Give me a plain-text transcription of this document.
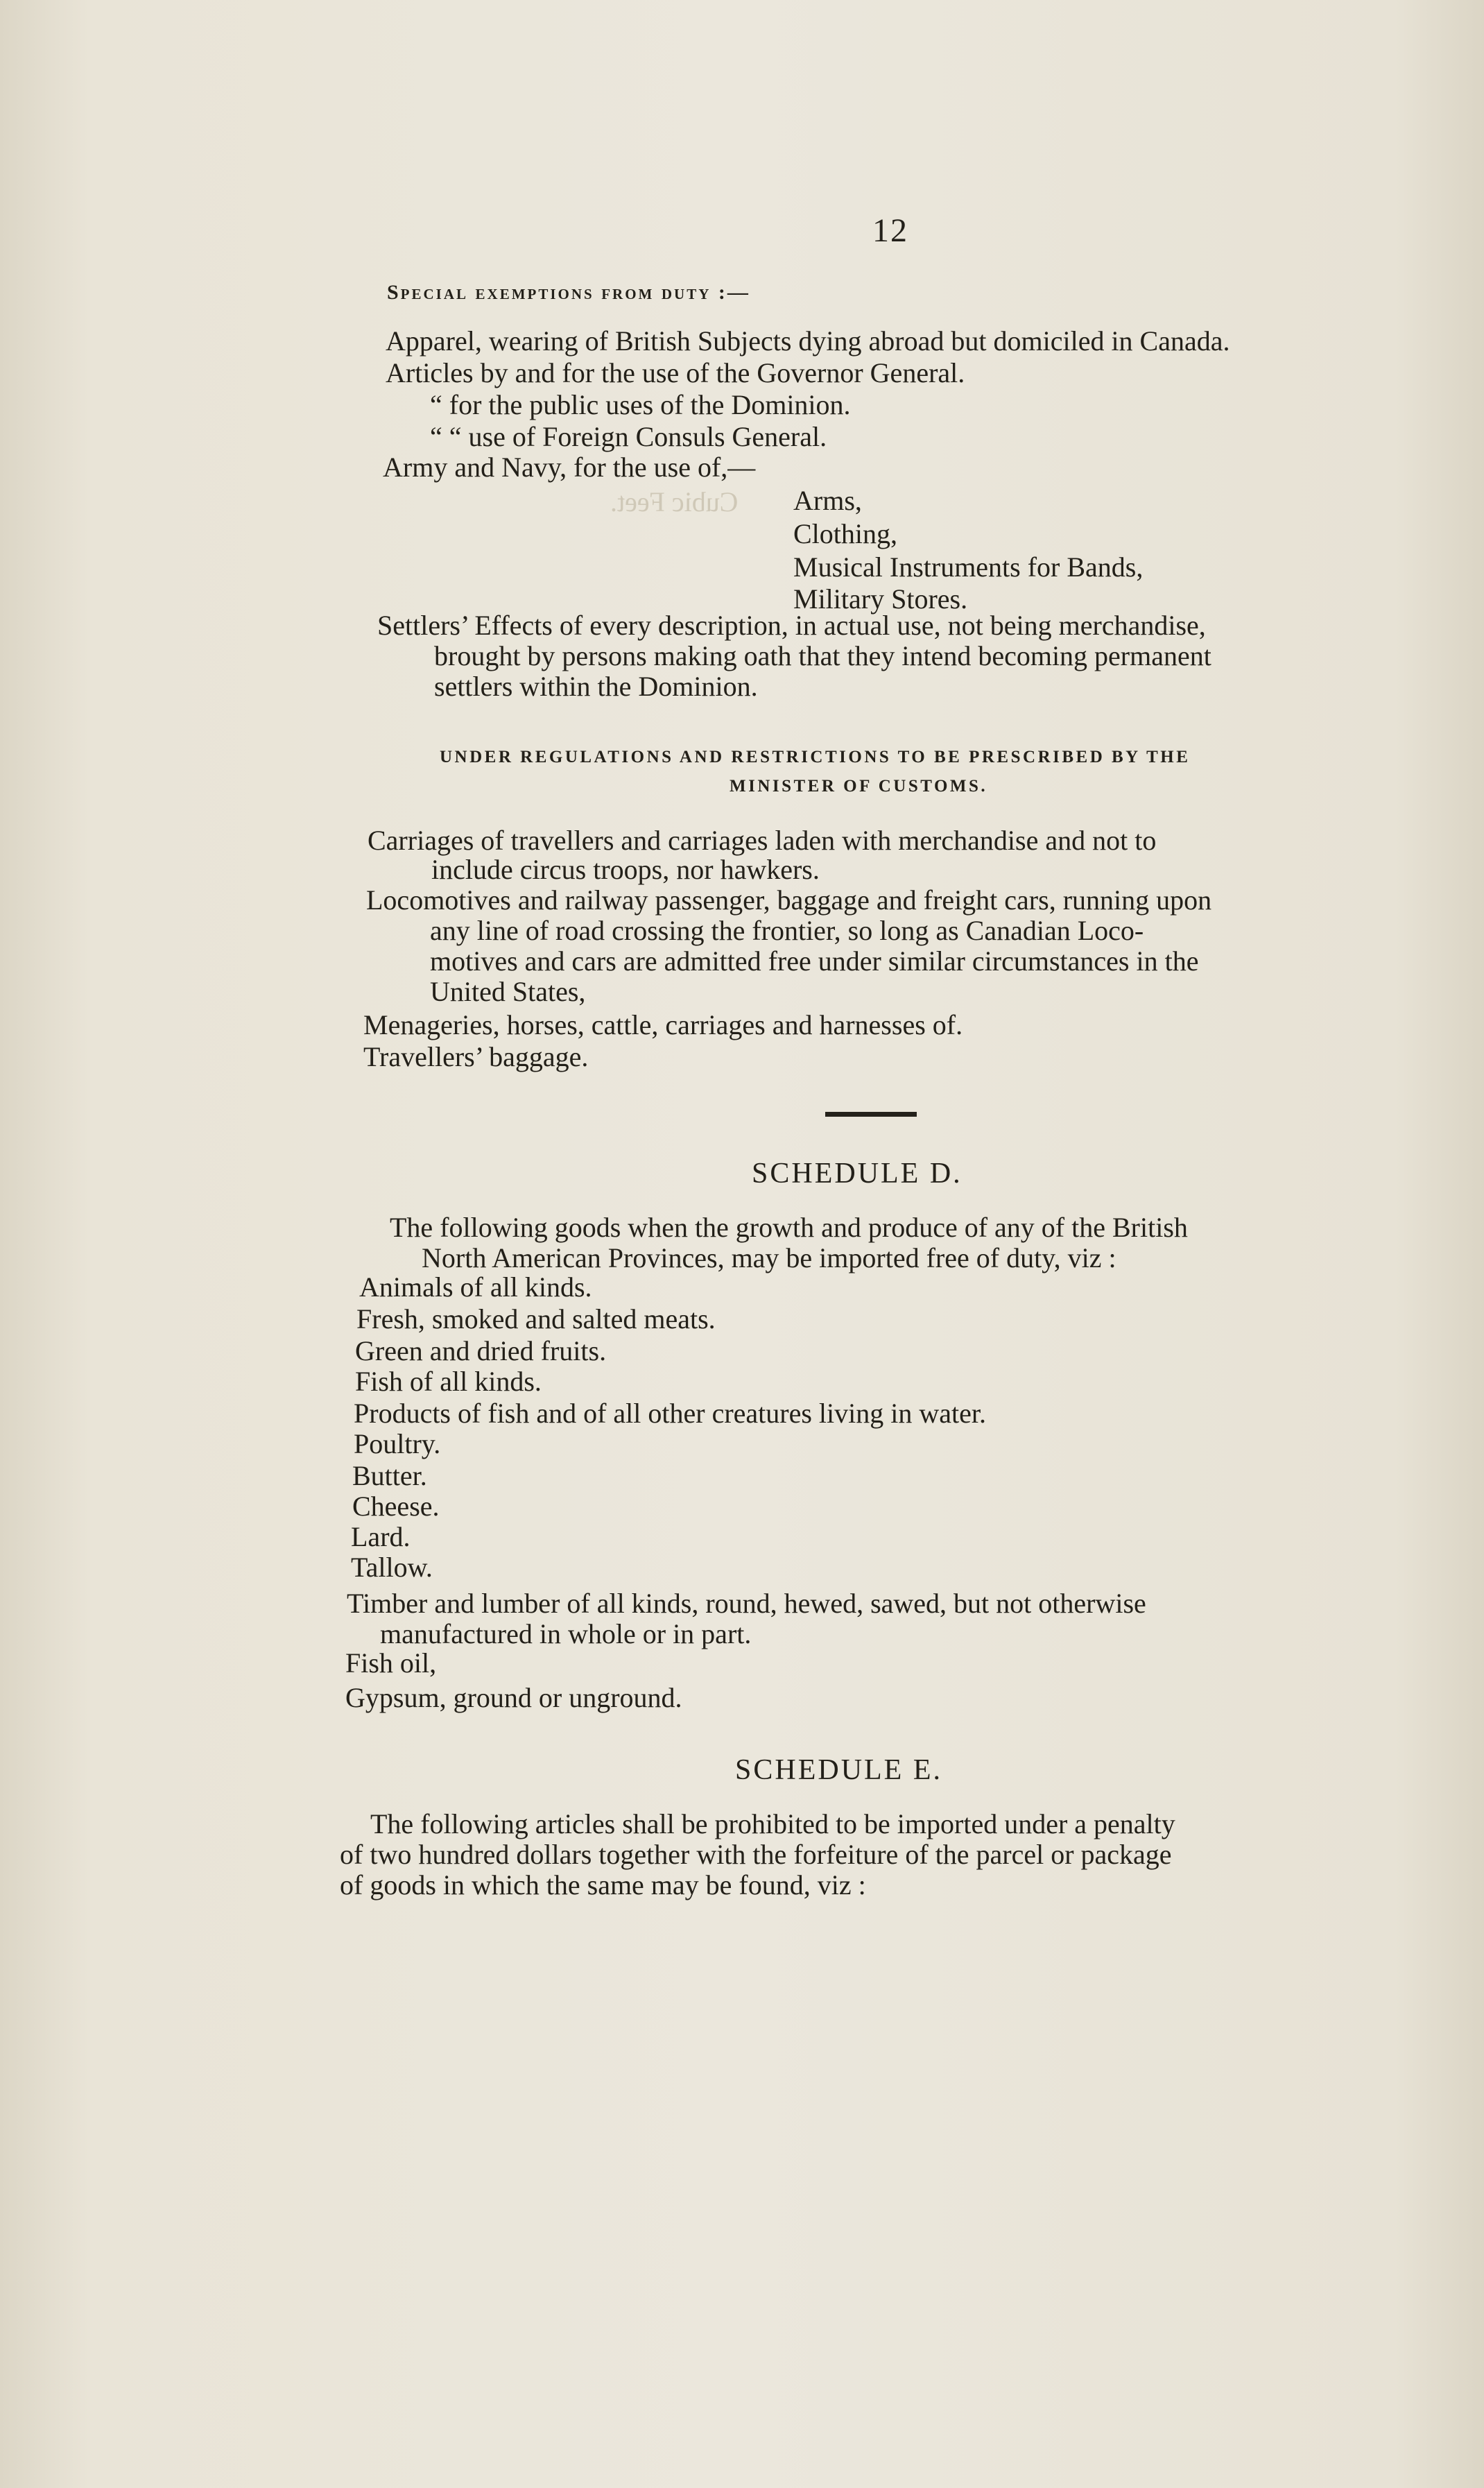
12
Cubic Feet.
Special exemptions from duty :—
Apparel, wearing of British Subjects dying abroad but domiciled in Canada.
Articles by and for the use of the Governor General.
“ for the public uses of the Dominion.
“ “ use of Foreign Consuls General.
Army and Navy, for the use of,—
Arms,
Clothing,
Musical Instruments for Bands,
Military Stores.
Settlers’ Effects of every description, in actual use, not being merchandise,
brought by persons making oath that they intend becoming permanent
settlers within the Dominion.
UNDER REGULATIONS AND RESTRICTIONS TO BE PRESCRIBED BY THE
MINISTER OF CUSTOMS.
Carriages of travellers and carriages laden with merchandise and not to
include circus troops, nor hawkers.
Locomotives and railway passenger, baggage and freight cars, running upon
any line of road crossing the frontier, so long as Canadian Loco-
motives and cars are admitted free under similar circumstances in the
United States,
Menageries, horses, cattle, carriages and harnesses of.
Travellers’ baggage.
SCHEDULE D.
The following goods when the growth and produce of any of the British
North American Provinces, may be imported free of duty, viz :
Animals of all kinds.
Fresh, smoked and salted meats.
Green and dried fruits.
Fish of all kinds.
Products of fish and of all other creatures living in water.
Poultry.
Butter.
Cheese.
Lard.
Tallow.
Timber and lumber of all kinds, round, hewed, sawed, but not otherwise
manufactured in whole or in part.
Fish oil,
Gypsum, ground or unground.
SCHEDULE E.
The following articles shall be prohibited to be imported under a penalty
of two hundred dollars together with the forfeiture of the parcel or package
of goods in which the same may be found, viz :
